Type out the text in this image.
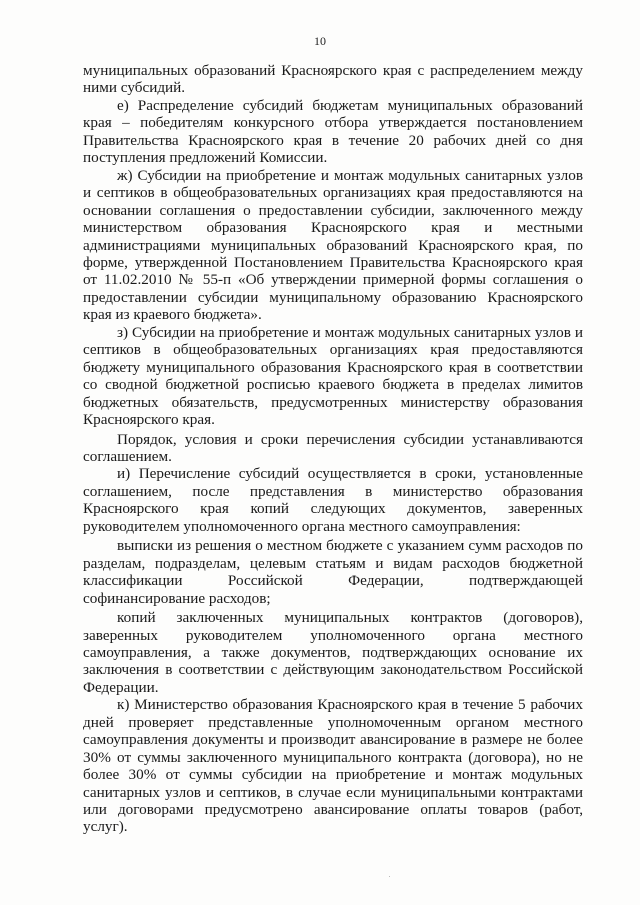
10

муниципальных образований Красноярского края с распределением между ними субсидий.

е) Распределение субсидий бюджетам муниципальных образований края – победителям конкурсного отбора утверждается постановлением Правительства Красноярского края в течение 20 рабочих дней со дня поступления предложений Комиссии.

ж) Субсидии на приобретение и монтаж модульных санитарных узлов и септиков в общеобразовательных организациях края предоставляются на основании соглашения о предоставлении субсидии, заключенного между министерством образования Красноярского края и местными администрациями муниципальных образований Красноярского края, по форме, утвержденной Постановлением Правительства Красноярского края от 11.02.2010 № 55-п «Об утверждении примерной формы соглашения о предоставлении субсидии муниципальному образованию Красноярского края из краевого бюджета».

з) Субсидии на приобретение и монтаж модульных санитарных узлов и септиков в общеобразовательных организациях края предоставляются бюджету муниципального образования Красноярского края в соответствии со сводной бюджетной росписью краевого бюджета в пределах лимитов бюджетных обязательств, предусмотренных министерству образования Красноярского края.

Порядок, условия и сроки перечисления субсидии устанавливаются соглашением.

и) Перечисление субсидий осуществляется в сроки, установленные соглашением, после представления в министерство образования Красноярского края копий следующих документов, заверенных руководителем уполномоченного органа местного самоуправления:

выписки из решения о местном бюджете с указанием сумм расходов по разделам, подразделам, целевым статьям и видам расходов бюджетной классификации Российской Федерации, подтверждающей софинансирование расходов;

копий заключенных муниципальных контрактов (договоров), заверенных руководителем уполномоченного органа местного самоуправления, а также документов, подтверждающих основание их заключения в соответствии с действующим законодательством Российской Федерации.

к) Министерство образования Красноярского края в течение 5 рабочих дней проверяет представленные уполномоченным органом местного самоуправления документы и производит авансирование в размере не более 30% от суммы заключенного муниципального контракта (договора), но не более 30% от суммы субсидии на приобретение и монтаж модульных санитарных узлов и септиков, в случае если муниципальными контрактами или договорами предусмотрено авансирование оплаты товаров (работ, услуг).
